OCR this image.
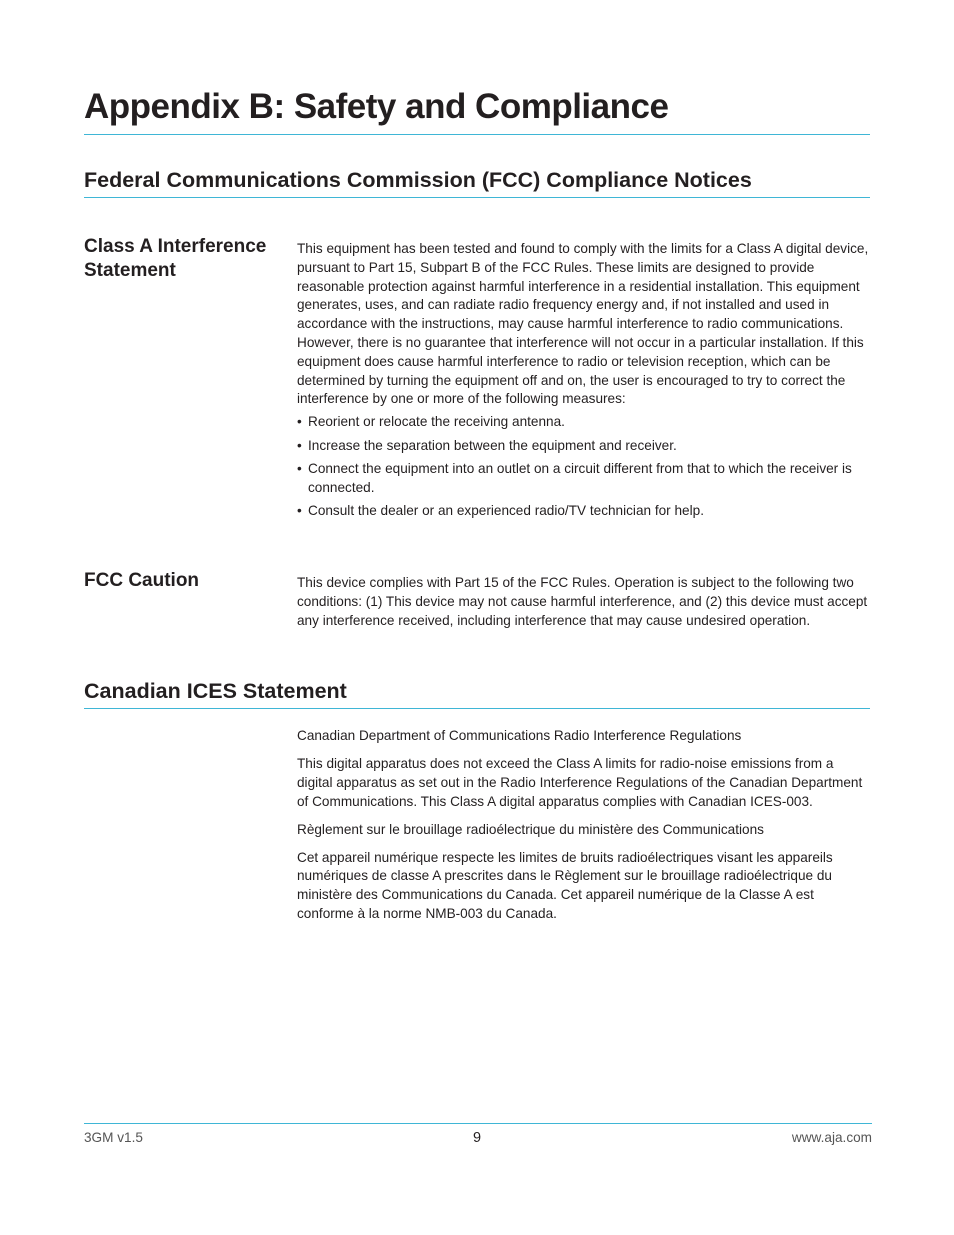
Appendix B: Safety and Compliance
Federal Communications Commission (FCC) Compliance Notices
Class A Interference Statement

This equipment has been tested and found to comply with the limits for a Class A digital device, pursuant to Part 15, Subpart B of the FCC Rules. These limits are designed to provide reasonable protection against harmful interference in a residential installation. This equipment generates, uses, and can radiate radio frequency energy and, if not installed and used in accordance with the instructions, may cause harmful interference to radio communications. However, there is no guarantee that interference will not occur in a particular installation. If this equipment does cause harmful interference to radio or television reception, which can be determined by turning the equipment off and on, the user is encouraged to try to correct the interference by one or more of the following measures:

• Reorient or relocate the receiving antenna.
• Increase the separation between the equipment and receiver.
• Connect the equipment into an outlet on a circuit different from that to which the receiver is connected.
• Consult the dealer or an experienced radio/TV technician for help.
FCC Caution	This device complies with Part 15 of the FCC Rules. Operation is subject to the following two conditions: (1) This device may not cause harmful interference, and (2) this device must accept any interference received, including interference that may cause undesired operation.

Canadian ICES Statement

Canadian Department of Communications Radio Interference Regulations

This digital apparatus does not exceed the Class A limits for radio-noise emissions from a digital apparatus as set out in the Radio Interference Regulations of the Canadian Department of Communications. This Class A digital apparatus complies with Canadian ICES-003.

Règlement sur le brouillage radioélectrique du ministère des Communications

Cet appareil numérique respecte les limites de bruits radioélectriques visant les appareils numériques de classe A prescrites dans le Règlement sur le brouillage radioélectrique du ministère des Communications du Canada. Cet appareil numérique de la Classe A est conforme à la norme NMB-003 du Canada.

3GM v1.5	9	www.aja.com
